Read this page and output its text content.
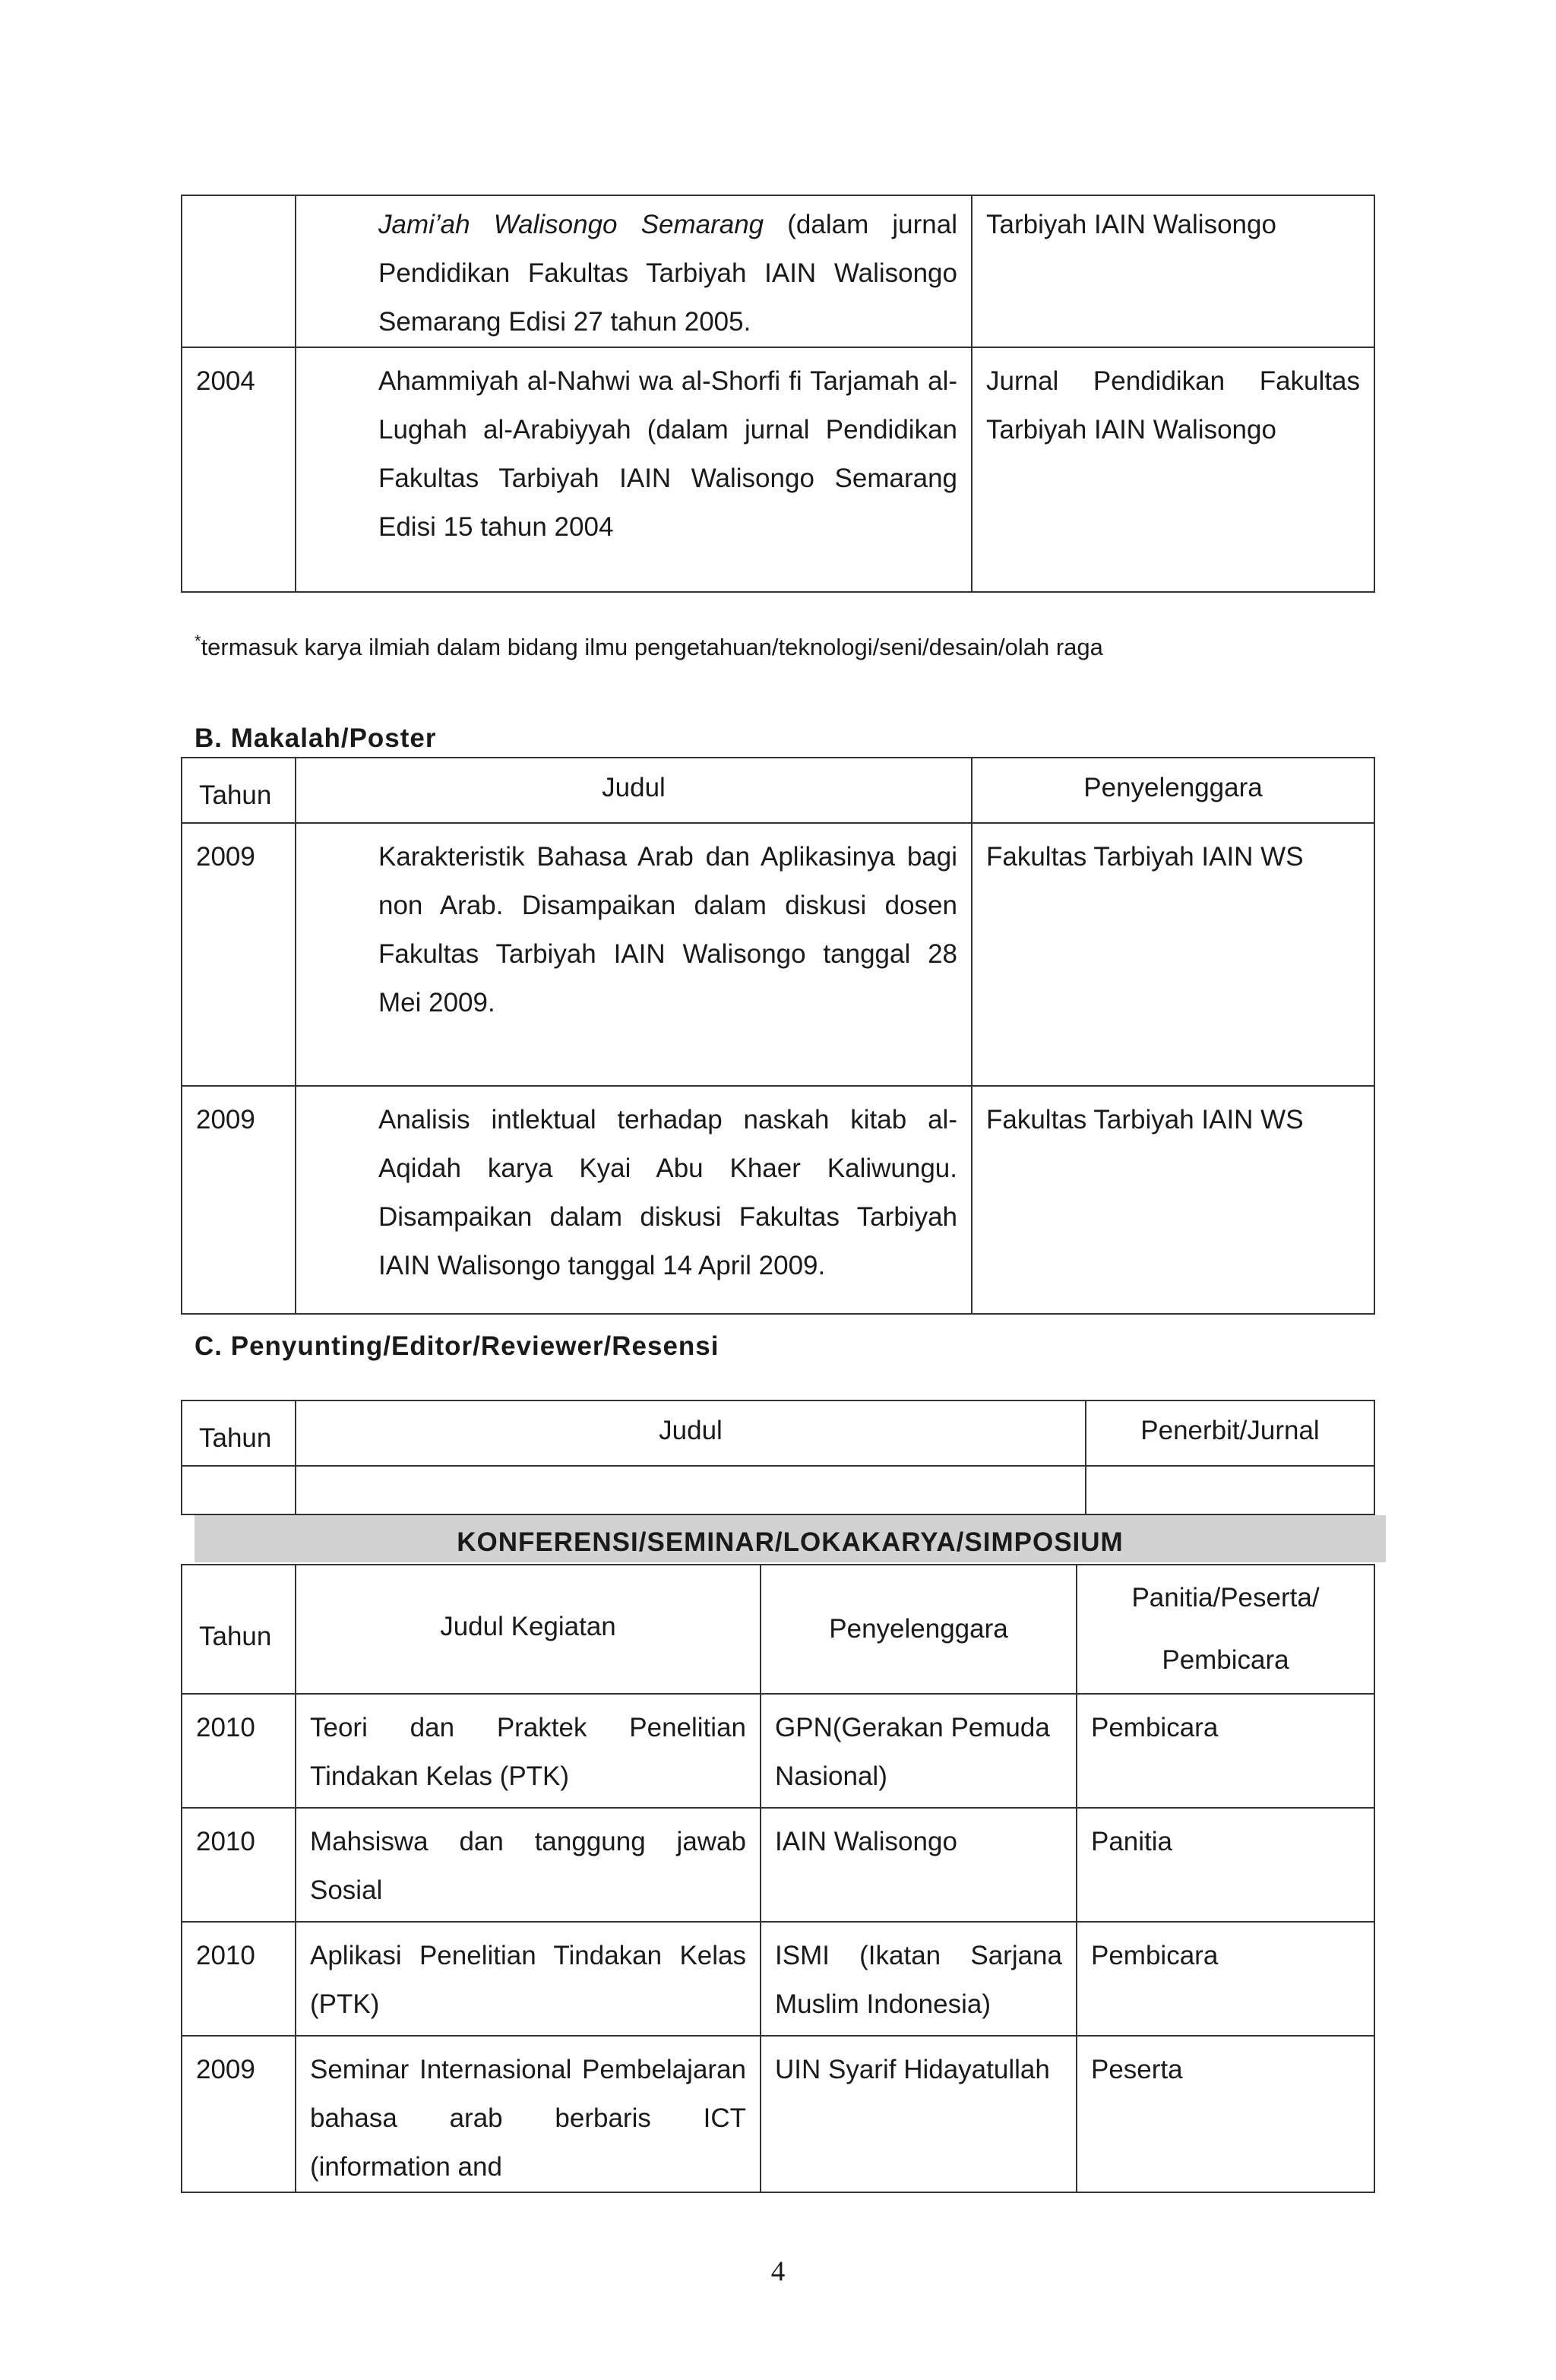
	Jami’ah Walisongo Semarang (dalam jurnal Pendidikan Fakultas Tarbiyah IAIN Walisongo Semarang Edisi 27 tahun 2005.	Tarbiyah IAIN Walisongo
2004	Ahammiyah al-Nahwi wa al-Shorfi fi Tarjamah al-Lughah al-Arabiyyah (dalam jurnal Pendidikan Fakultas Tarbiyah IAIN Walisongo Semarang Edisi 15 tahun 2004	Jurnal Pendidikan Fakultas Tarbiyah IAIN Walisongo
*termasuk karya ilmiah dalam bidang ilmu pengetahuan/teknologi/seni/desain/olah raga
B. Makalah/Poster
Tahun	Judul	Penyelenggara
2009	Karakteristik Bahasa Arab dan Aplikasinya bagi non Arab. Disampaikan dalam diskusi dosen Fakultas Tarbiyah IAIN Walisongo tanggal 28 Mei 2009.	Fakultas Tarbiyah IAIN WS
2009	Analisis intlektual terhadap naskah kitab al-Aqidah karya Kyai Abu Khaer Kaliwungu. Disampaikan dalam diskusi Fakultas Tarbiyah IAIN Walisongo tanggal 14 April 2009.	Fakultas Tarbiyah IAIN WS
C. Penyunting/Editor/Reviewer/Resensi
Tahun	Judul	Penerbit/Jurnal

KONFERENSI/SEMINAR/LOKAKARYA/SIMPOSIUM
Tahun	Judul Kegiatan	Penyelenggara	Panitia/Peserta/
Pembicara

2010	Teori dan Praktek Penelitian Tindakan Kelas (PTK)	GPN(Gerakan Pemuda Nasional)	Pembicara
2010	Mahsiswa dan tanggung jawab Sosial	IAIN Walisongo	Panitia
2010	Aplikasi Penelitian Tindakan Kelas (PTK)	ISMI (Ikatan Sarjana Muslim Indonesia)	Pembicara
2009	Seminar Internasional Pembelajaran bahasa arab berbaris ICT (information and	UIN Syarif Hidayatullah	Peserta
4
